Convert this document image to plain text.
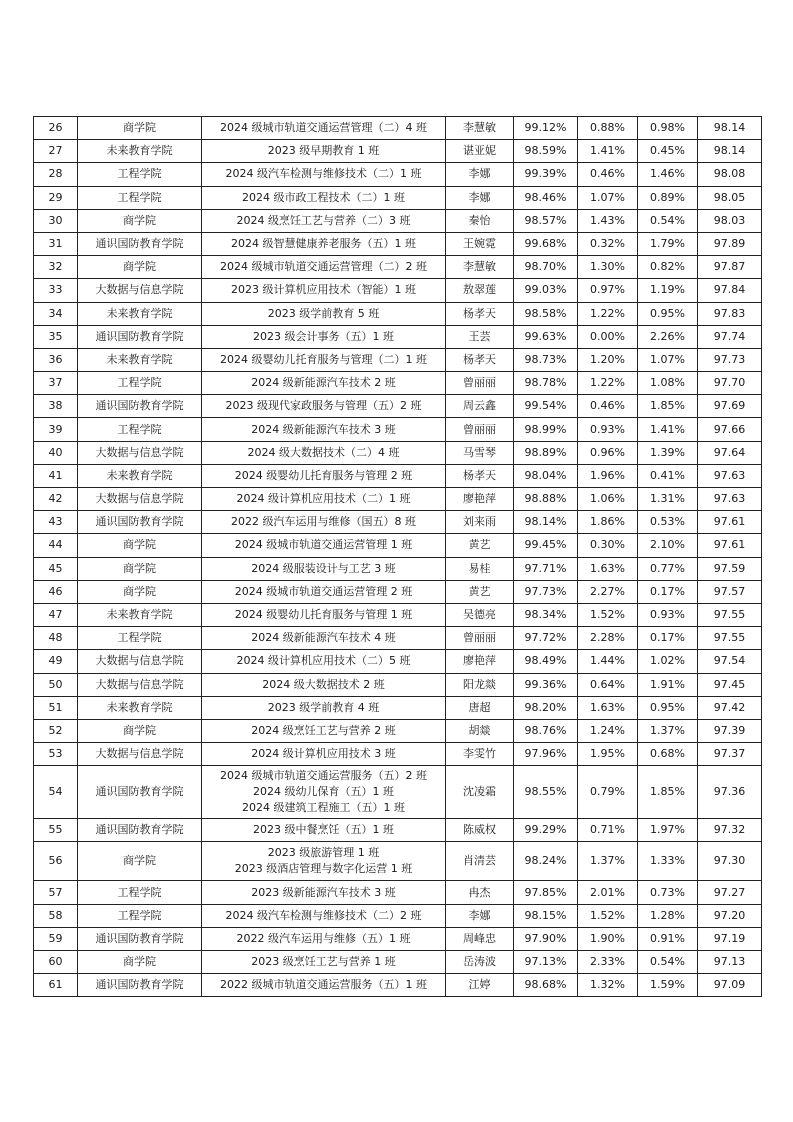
26	商学院	2024 级城市轨道交通运营管理（二）4 班	李慧敏	99.12%	0.88%	0.98%	98.14
27	未来教育学院	2023 级早期教育 1 班	谌亚妮	98.59%	1.41%	0.45%	98.14
28	工程学院	2024 级汽车检测与维修技术（二）1 班	李娜	99.39%	0.46%	1.46%	98.08
29	工程学院	2024 级市政工程技术（二）1 班	李娜	98.46%	1.07%	0.89%	98.05
30	商学院	2024 级烹饪工艺与营养（二）3 班	秦怡	98.57%	1.43%	0.54%	98.03
31	通识国防教育学院	2024 级智慧健康养老服务（五）1 班	王婉霓	99.68%	0.32%	1.79%	97.89
32	商学院	2024 级城市轨道交通运营管理（二）2 班	李慧敏	98.70%	1.30%	0.82%	97.87
33	大数据与信息学院	2023 级计算机应用技术（智能）1 班	敖翠莲	99.03%	0.97%	1.19%	97.84
34	未来教育学院	2023 级学前教育 5 班	杨孝天	98.58%	1.22%	0.95%	97.83
35	通识国防教育学院	2023 级会计事务（五）1 班	王芸	99.63%	0.00%	2.26%	97.74
36	未来教育学院	2024 级婴幼儿托育服务与管理（二）1 班	杨孝天	98.73%	1.20%	1.07%	97.73
37	工程学院	2024 级新能源汽车技术 2 班	曾丽丽	98.78%	1.22%	1.08%	97.70
38	通识国防教育学院	2023 级现代家政服务与管理（五）2 班	周云鑫	99.54%	0.46%	1.85%	97.69
39	工程学院	2024 级新能源汽车技术 3 班	曾丽丽	98.99%	0.93%	1.41%	97.66
40	大数据与信息学院	2024 级大数据技术（二）4 班	马雪琴	98.89%	0.96%	1.39%	97.64
41	未来教育学院	2024 级婴幼儿托育服务与管理 2 班	杨孝天	98.04%	1.96%	0.41%	97.63
42	大数据与信息学院	2024 级计算机应用技术（二）1 班	廖艳萍	98.88%	1.06%	1.31%	97.63
43	通识国防教育学院	2022 级汽车运用与维修（国五）8 班	刘来雨	98.14%	1.86%	0.53%	97.61
44	商学院	2024 级城市轨道交通运营管理 1 班	黄艺	99.45%	0.30%	2.10%	97.61
45	商学院	2024 级服装设计与工艺 3 班	易桂	97.71%	1.63%	0.77%	97.59
46	商学院	2024 级城市轨道交通运营管理 2 班	黄艺	97.73%	2.27%	0.17%	97.57
47	未来教育学院	2024 级婴幼儿托育服务与管理 1 班	吴德亮	98.34%	1.52%	0.93%	97.55
48	工程学院	2024 级新能源汽车技术 4 班	曾丽丽	97.72%	2.28%	0.17%	97.55
49	大数据与信息学院	2024 级计算机应用技术（二）5 班	廖艳萍	98.49%	1.44%	1.02%	97.54
50	大数据与信息学院	2024 级大数据技术 2 班	阳龙燚	99.36%	0.64%	1.91%	97.45
51	未来教育学院	2023 级学前教育 4 班	唐超	98.20%	1.63%	0.95%	97.42
52	商学院	2024 级烹饪工艺与营养 2 班	胡燚	98.76%	1.24%	1.37%	97.39
53	大数据与信息学院	2024 级计算机应用技术 3 班	李雯竹	97.96%	1.95%	0.68%	97.37
54	通识国防教育学院	2024 级城市轨道交通运营服务（五）2 班
2024 级幼儿保育（五）1 班
2024 级建筑工程施工（五）1 班	沈凌霜	98.55%	0.79%	1.85%	97.36
55	通识国防教育学院	2023 级中餐烹饪（五）1 班	陈威权	99.29%	0.71%	1.97%	97.32
56	商学院	2023 级旅游管理 1 班
2023 级酒店管理与数字化运营 1 班	肖清芸	98.24%	1.37%	1.33%	97.30
57	工程学院	2023 级新能源汽车技术 3 班	冉杰	97.85%	2.01%	0.73%	97.27
58	工程学院	2024 级汽车检测与维修技术（二）2 班	李娜	98.15%	1.52%	1.28%	97.20
59	通识国防教育学院	2022 级汽车运用与维修（五）1 班	周峰忠	97.90%	1.90%	0.91%	97.19
60	商学院	2023 级烹饪工艺与营养 1 班	岳涛波	97.13%	2.33%	0.54%	97.13
61	通识国防教育学院	2022 级城市轨道交通运营服务（五）1 班	江婷	98.68%	1.32%	1.59%	97.09
